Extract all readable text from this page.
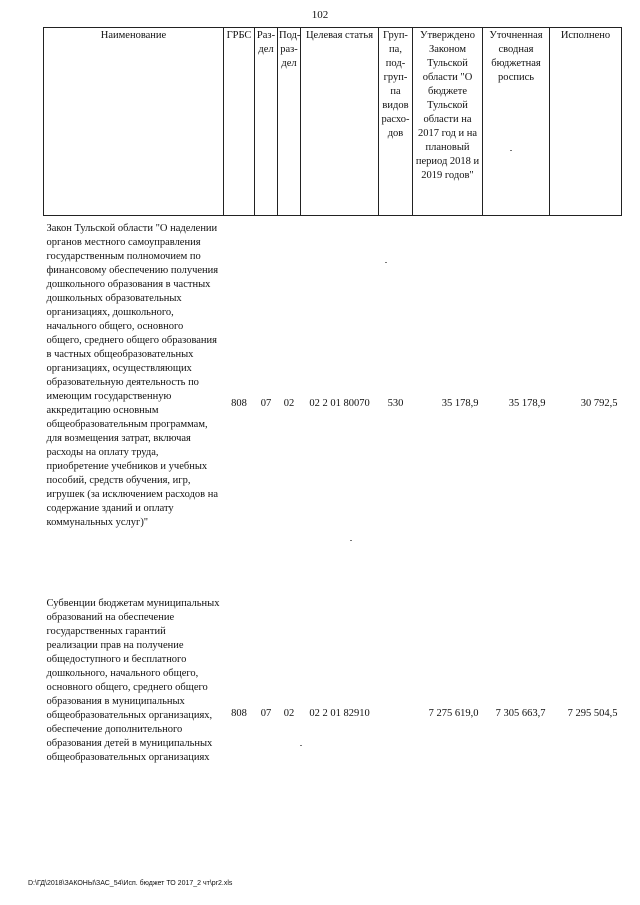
102
Наименование	ГРБС	Раз-дел	Под-раз-дел	Целевая статья	Груп-па, под-груп-па видов расхо-дов	Утверждено Законом Тульской области "О бюджете Тульской области на 2017 год и на плановый период 2018 и 2019 годов"	Уточненная сводная бюджетная роспись	Исполнено
Закон Тульской области "О наделении органов местного самоуправления государственным полномочием по финансовому обеспечению получения дошкольного образования в частных дошкольных образовательных организациях, дошкольного, начального общего, основного общего, среднего общего образования в частных общеобразовательных организациях, осуществляющих образовательную деятельность по имеющим государственную аккредитацию основным общеобразовательным программам, для возмещения затрат, включая расходы на оплату труда, приобретение учебников и учебных пособий, средств обучения, игр, игрушек (за исключением расходов на содержание зданий и оплату коммунальных услуг)"	808	07	02	02 2 01 80070	530	35 178,9	35 178,9	30 792,5

Субвенции бюджетам муниципальных образований на обеспечение государственных гарантий реализации прав на получение общедоступного и бесплатного дошкольного, начального общего, основного общего, среднего общего образования в муниципальных общеобразовательных организациях, обеспечение дополнительного образования детей в муниципальных общеобразовательных организациях	808	07	02	02 2 01 82910		7 275 619,0	7 305 663,7	7 295 504,5
D:\ГД\2018\ЗАКОНЫ\ЗАС_54\Исп. бюджет ТО 2017_2 чт\pr2.xls
